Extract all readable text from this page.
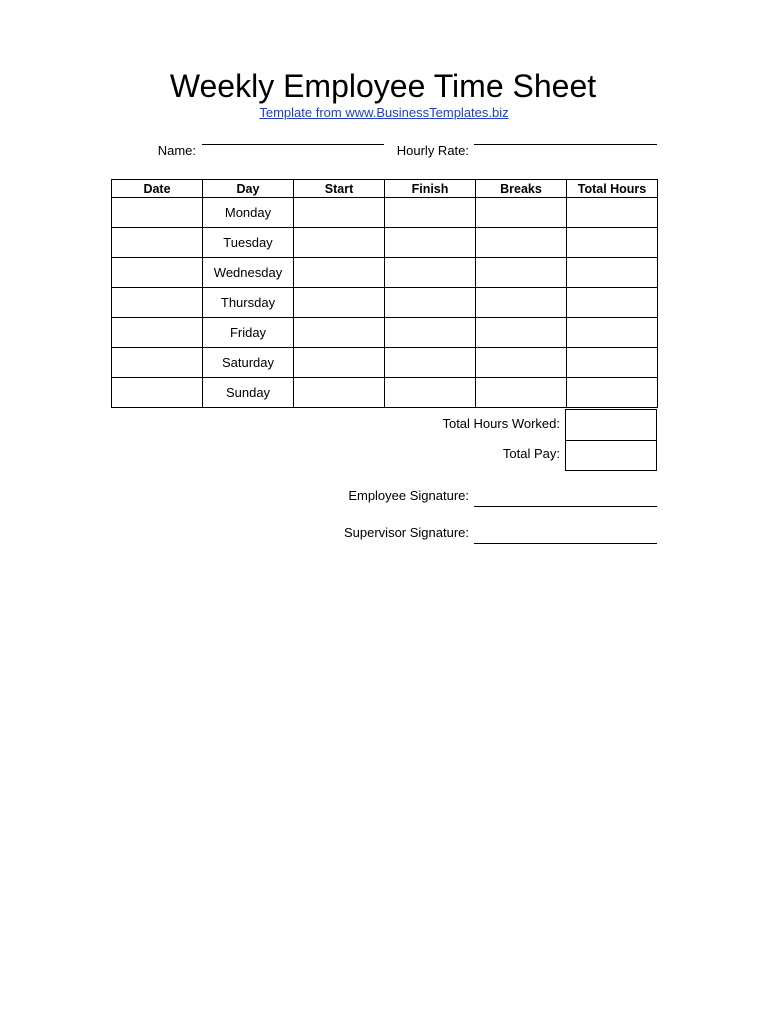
Weekly Employee Time Sheet
Template from www.BusinessTemplates.biz
Name:	Hourly Rate:
Date	Day	Start	Finish	Breaks	Total Hours
	Monday				
	Tuesday				
	Wednesday				
	Thursday				
	Friday				
	Saturday				
	Sunday				
Total Hours Worked:
Total Pay:
Employee Signature:
Supervisor Signature:
